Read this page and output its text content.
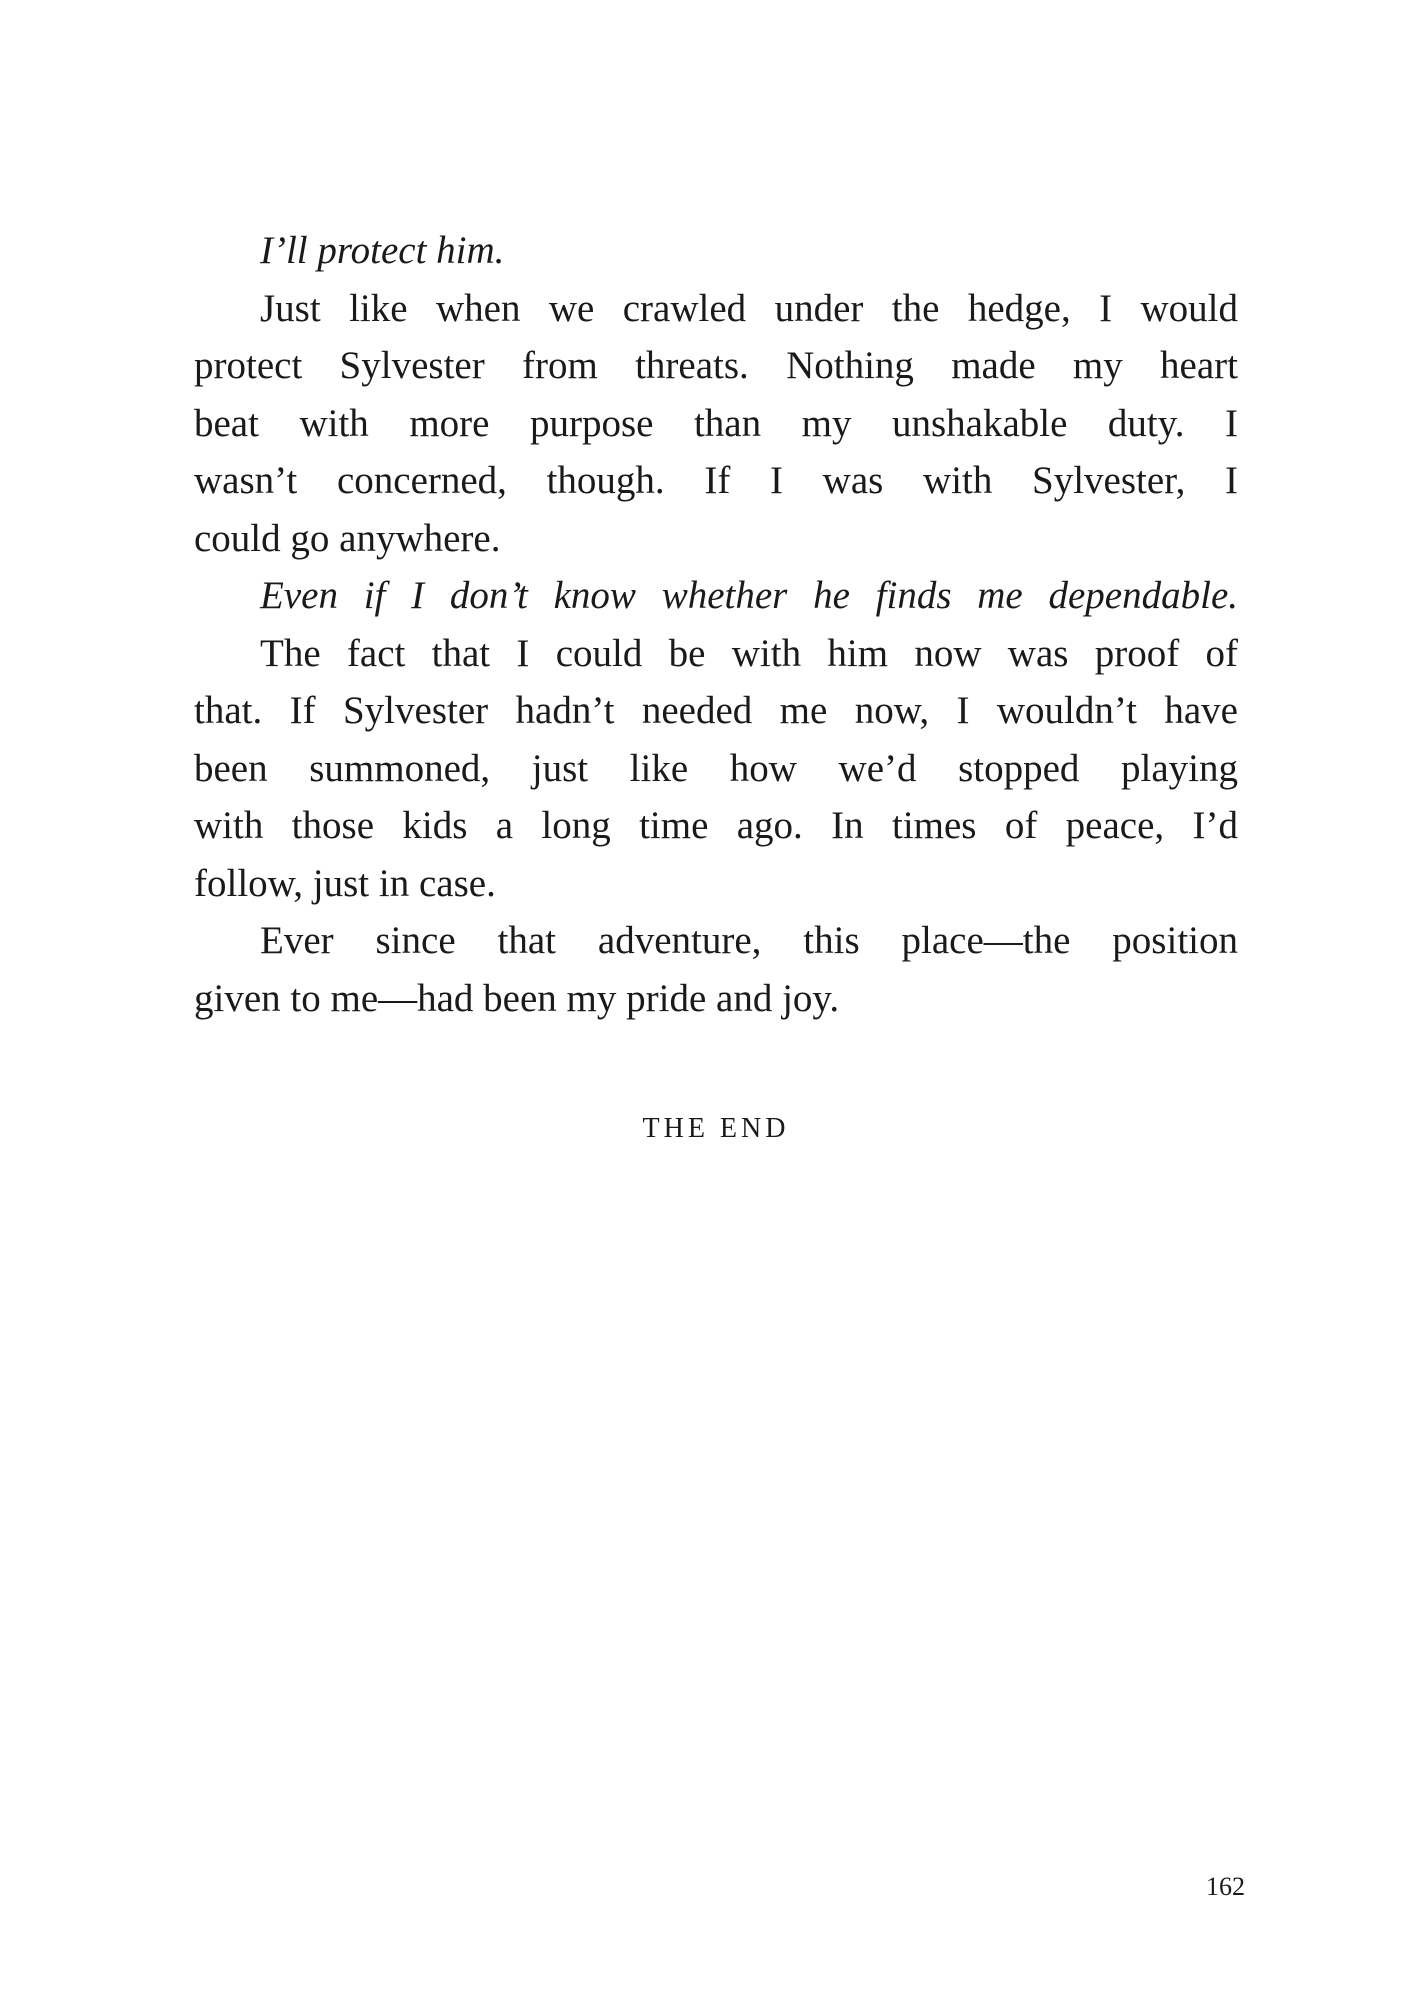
I’ll protect him.
Just like when we crawled under the hedge, I would
protect Sylvester from threats. Nothing made my heart
beat with more purpose than my unshakable duty. I
wasn’t concerned, though. If I was with Sylvester, I
could go anywhere.
Even if I don’t know whether he finds me dependable.
The fact that I could be with him now was proof of
that. If Sylvester hadn’t needed me now, I wouldn’t have
been summoned, just like how we’d stopped playing
with those kids a long time ago. In times of peace, I’d
follow, just in case.
Ever since that adventure, this place—the position
given to me—had been my pride and joy.
THE END
162
